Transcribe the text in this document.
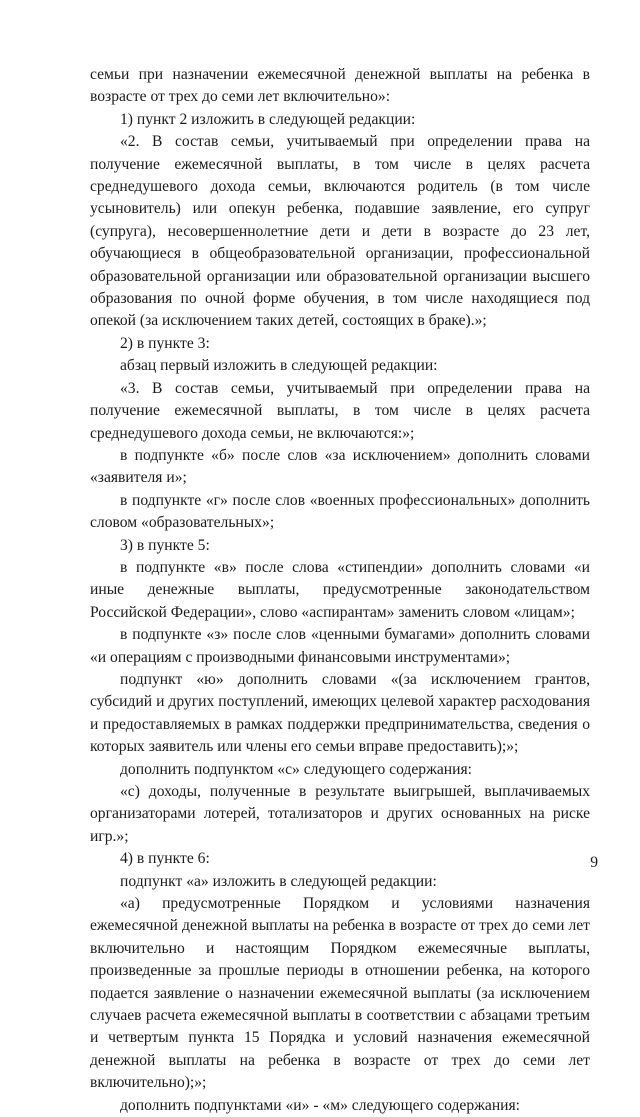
семьи при назначении ежемесячной денежной выплаты на ребенка в возрасте от трех до семи лет включительно»:

1) пункт 2 изложить в следующей редакции:

«2. В состав семьи, учитываемый при определении права на получение ежемесячной выплаты, в том числе в целях расчета среднедушевого дохода семьи, включаются родитель (в том числе усыновитель) или опекун ребенка, подавшие заявление, его супруг (супруга), несовершеннолетние дети и дети в возрасте до 23 лет, обучающиеся в общеобразовательной организации, профессиональной образовательной организации или образовательной организации высшего образования по очной форме обучения, в том числе находящиеся под опекой (за исключением таких детей, состоящих в браке).»;

2) в пункте 3:

абзац первый изложить в следующей редакции:

«3. В состав семьи, учитываемый при определении права на получение ежемесячной выплаты, в том числе в целях расчета среднедушевого дохода семьи, не включаются:»;

в подпункте «б» после слов «за исключением» дополнить словами «заявителя и»;

в подпункте «г» после слов «военных профессиональных» дополнить словом «образовательных»;

3) в пункте 5:

в подпункте «в» после слова «стипендии» дополнить словами «и иные денежные выплаты, предусмотренные законодательством Российской Федерации», слово «аспирантам» заменить словом «лицам»;

в подпункте «з» после слов «ценными бумагами» дополнить словами «и операциям с производными финансовыми инструментами»;

подпункт «ю» дополнить словами «(за исключением грантов, субсидий и других поступлений, имеющих целевой характер расходования и предоставляемых в рамках поддержки предпринимательства, сведения о которых заявитель или члены его семьи вправе предоставить);»;

дополнить подпунктом «с» следующего содержания:

«с) доходы, полученные в результате выигрышей, выплачиваемых организаторами лотерей, тотализаторов и других основанных на риске игр.»;

4) в пункте 6:

подпункт «а» изложить в следующей редакции:

«а) предусмотренные Порядком и условиями назначения ежемесячной денежной выплаты на ребенка в возрасте от трех до семи лет включительно и настоящим Порядком ежемесячные выплаты, произведенные за прошлые периоды в отношении ребенка, на которого подается заявление о назначении ежемесячной выплаты (за исключением случаев расчета ежемесячной выплаты в соответствии с абзацами третьим и четвертым пункта 15 Порядка и условий назначения ежемесячной денежной выплаты на ребенка в возрасте от трех до семи лет включительно);»;

дополнить подпунктами «и» - «м» следующего содержания:

9
